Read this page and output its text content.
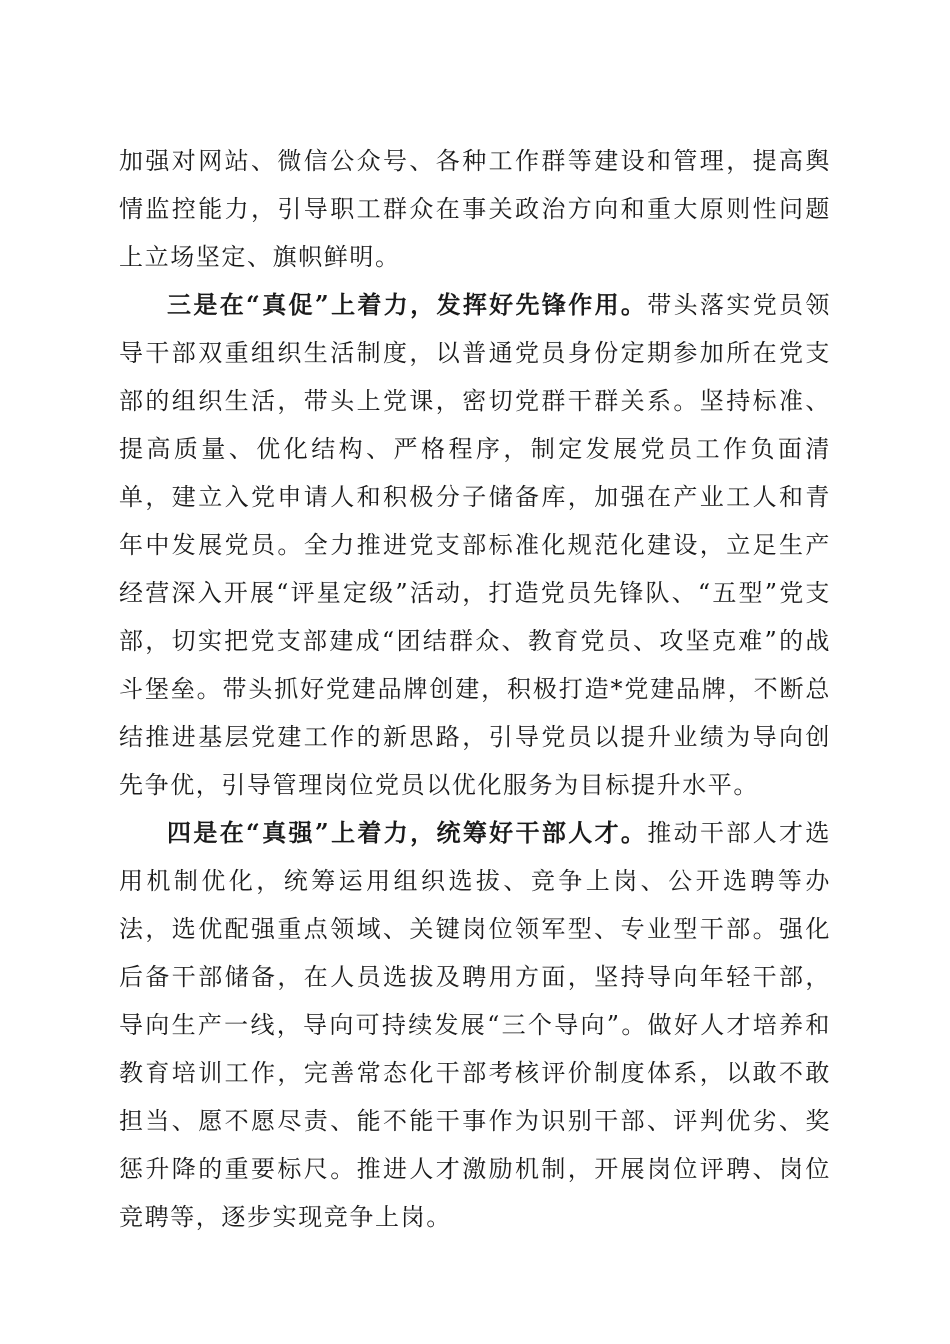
加强对网站、微信公众号、各种工作群等建设和管理，提高舆情监控能力，引导职工群众在事关政治方向和重大原则性问题上立场坚定、旗帜鲜明。

三是在“真促”上着力，发挥好先锋作用。带头落实党员领导干部双重组织生活制度，以普通党员身份定期参加所在党支部的组织生活，带头上党课，密切党群干群关系。坚持标准、提高质量、优化结构、严格程序，制定发展党员工作负面清单，建立入党申请人和积极分子储备库，加强在产业工人和青年中发展党员。全力推进党支部标准化规范化建设，立足生产经营深入开展“评星定级”活动，打造党员先锋队、“五型”党支部，切实把党支部建成“团结群众、教育党员、攻坚克难”的战斗堡垒。带头抓好党建品牌创建，积极打造*党建品牌，不断总结推进基层党建工作的新思路，引导党员以提升业绩为导向创先争优，引导管理岗位党员以优化服务为目标提升水平。

四是在“真强”上着力，统筹好干部人才。推动干部人才选用机制优化，统筹运用组织选拔、竞争上岗、公开选聘等办法，选优配强重点领域、关键岗位领军型、专业型干部。强化后备干部储备，在人员选拔及聘用方面，坚持导向年轻干部，导向生产一线，导向可持续发展“三个导向”。做好人才培养和教育培训工作，完善常态化干部考核评价制度体系，以敢不敢担当、愿不愿尽责、能不能干事作为识别干部、评判优劣、奖惩升降的重要标尺。推进人才激励机制，开展岗位评聘、岗位竞聘等，逐步实现竞争上岗。
